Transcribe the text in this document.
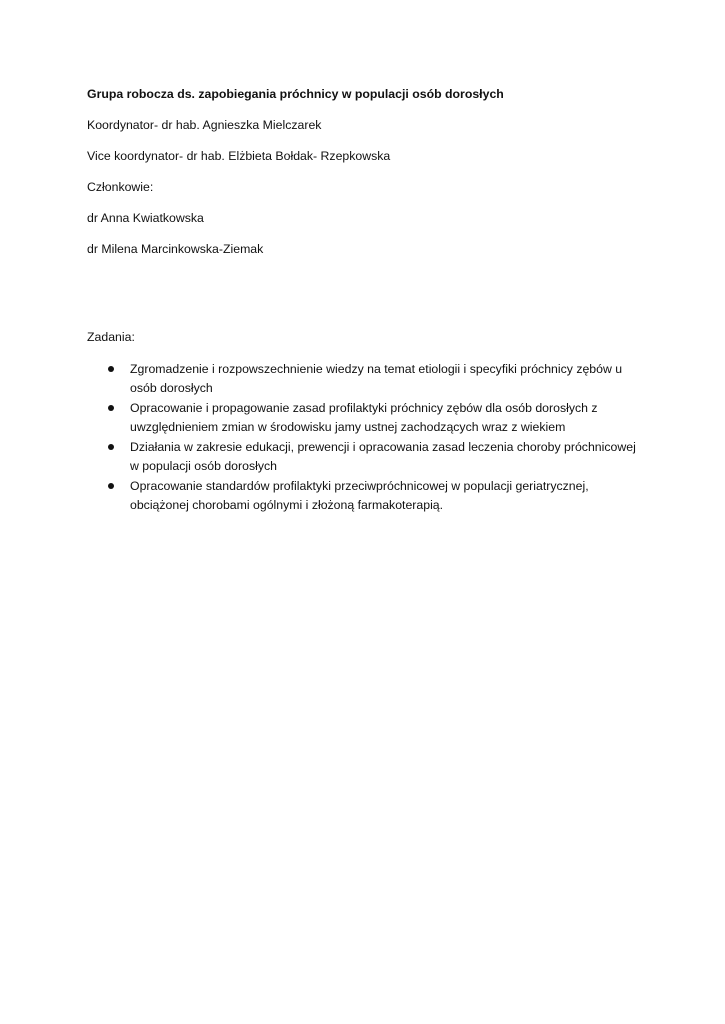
Grupa robocza ds. zapobiegania próchnicy w populacji osób dorosłych

Koordynator- dr hab. Agnieszka Mielczarek

Vice koordynator- dr hab. Elżbieta Bołdak- Rzepkowska

Członkowie:

dr Anna Kwiatkowska

dr Milena Marcinkowska-Ziemak

Zadania:

Zgromadzenie i rozpowszechnienie wiedzy na temat etiologii i specyfiki próchnicy zębów u osób dorosłych
Opracowanie i propagowanie zasad profilaktyki próchnicy zębów dla osób dorosłych z uwzględnieniem zmian w środowisku jamy ustnej zachodzących wraz z wiekiem
Działania w zakresie edukacji, prewencji i opracowania zasad leczenia choroby próchnicowej w populacji osób dorosłych
Opracowanie standardów profilaktyki przeciwpróchnicowej w populacji geriatrycznej, obciążonej chorobami ogólnymi i złożoną farmakoterapią.
